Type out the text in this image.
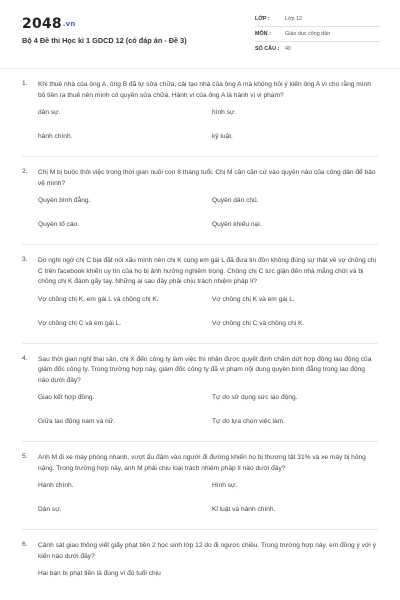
2048.vn
Bộ 4 Đề thi Học kì 1 GDCD 12 (có đáp án - Đề 3)
LỚP :	Lớp 12
MÔN :	Giáo dục công dân
SỐ CÂU :	40
1. Khi thuê nhà của ông A, ông B đã tự sửa chữa, cải tạo nhà của ông A mà không hỏi ý kiến ông A vì cho rằng mình bỏ tiền ra thuê nên mình có quyền sửa chữa. Hành vi của ông A là hành vi vi phạm?
dân sự.	hình sự.
hành chính.	kỷ luật.
2. Chị M bị buộc thôi việc trong thời gian nuôi con 8 tháng tuổi. Chị M cần căn cứ vào quyền nào của công dân để bảo vệ mình?
Quyền bình đẳng.	Quyền dân chủ.
Quyền tố cáo.	Quyền khiếu nại.
3. Do nghi ngờ chị C bịa đặt nói xấu mình nên chị K cùng em gái L đã đưa tin đồn không đúng sự thật về vợ chồng chị C trên facebook khiến uy tín của họ bị ảnh hưởng nghiêm trọng. Chồng chị C tức giận đến nhà mắng chửi và bị chồng chị K đánh gãy tay. Những ai sau đây phải chịu trách nhiệm pháp lí?
Vợ chồng chị K, em gái L và chồng chị K.	Vợ chồng chị K và em gái L.
Vợ chồng chị C và em gái L.	Vợ chồng chị C và chồng chị K.
4. Sau thời gian nghỉ thai sản, chị X đến công ty làm việc thì nhận được quyết định chấm dứt hợp đồng lao động của giám đốc công ty. Trong trường hợp này, giám đốc công ty đã vi phạm nội dung quyền bình đẳng trong lao động nào dưới đây?
Giao kết hợp đồng.	Tự do sử dụng sức lao động.
Giữa lao động nam và nữ.	Tự do lựa chọn việc làm.
5. Anh M đi xe máy phóng nhanh, vượt ẩu đâm vào người đi đường khiến họ bị thương tật 31% và xe máy bị hỏng nặng. Trong trường hợp này, anh M phải chịu loại trách nhiệm pháp lí nào dưới đây?
Hành chính.	Hình sự.
Dân sự.	Kỉ luật và hành chính.
6. Cảnh sát giao thông viết giấy phạt tiền 2 học sinh lớp 12 do đi ngược chiều. Trong trường hợp này, em đồng ý với ý kiến nào dưới đây?
Hai bạn bị phạt tiền là đúng vì đủ tuổi chịu
